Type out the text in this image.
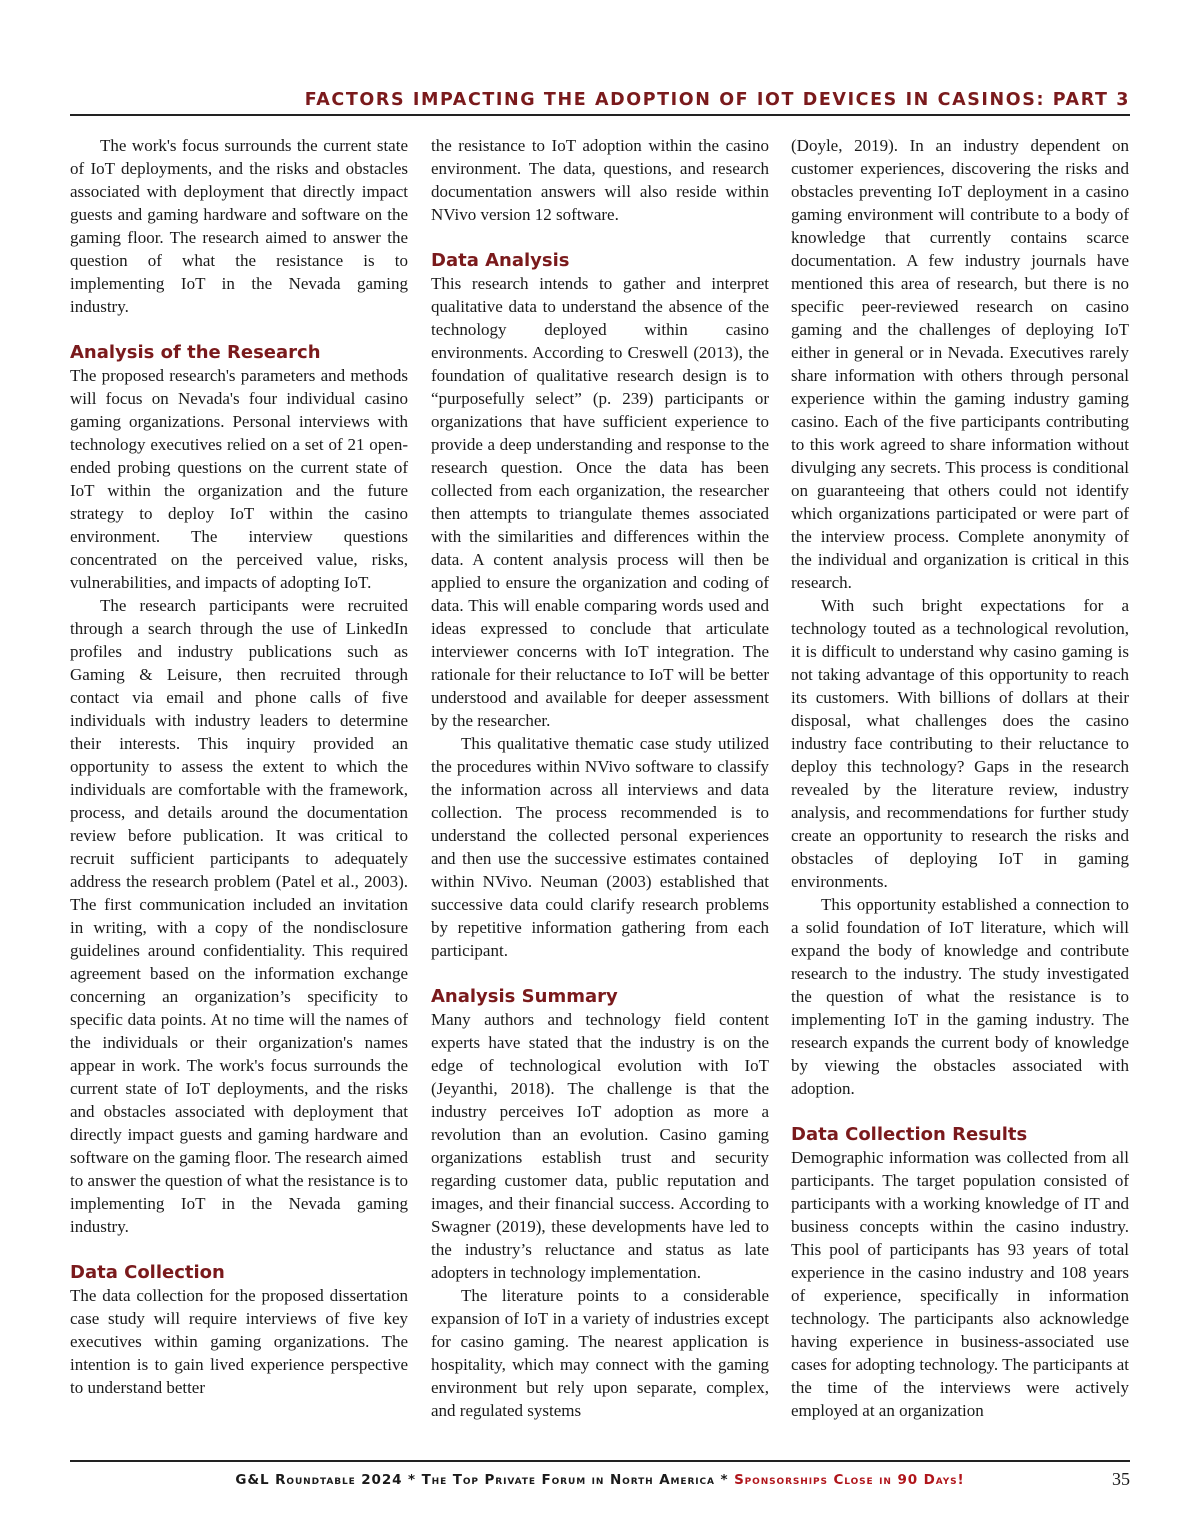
FACTORS IMPACTING THE ADOPTION OF IOT DEVICES IN CASINOS: PART 3

The work's focus surrounds the current state of IoT deployments, and the risks and obstacles associated with deployment that directly impact guests and gaming hardware and software on the gaming floor. The research aimed to answer the question of what the resistance is to implementing IoT in the Nevada gaming industry.

Analysis of the Research

The proposed research's parameters and methods will focus on Nevada's four individual casino gaming organizations. Personal interviews with technology executives relied on a set of 21 open-ended probing questions on the current state of IoT within the organization and the future strategy to deploy IoT within the casino environment. The interview questions concentrated on the perceived value, risks, vulnerabilities, and impacts of adopting IoT.

The research participants were recruited through a search through the use of LinkedIn profiles and industry publications such as Gaming & Leisure, then recruited through contact via email and phone calls of five individuals with industry leaders to determine their interests. This inquiry provided an opportunity to assess the extent to which the individuals are comfortable with the framework, process, and details around the documentation review before publication. It was critical to recruit sufficient participants to adequately address the research problem (Patel et al., 2003). The first communication included an invitation in writing, with a copy of the nondisclosure guidelines around confidentiality. This required agreement based on the information exchange concerning an organization’s specificity to specific data points. At no time will the names of the individuals or their organization's names appear in work. The work's focus surrounds the current state of IoT deployments, and the risks and obstacles associated with deployment that directly impact guests and gaming hardware and software on the gaming floor. The research aimed to answer the question of what the resistance is to implementing IoT in the Nevada gaming industry.

Data Collection

The data collection for the proposed dissertation case study will require interviews of five key executives within gaming organizations. The intention is to gain lived experience perspective to understand better

the resistance to IoT adoption within the casino environment. The data, questions, and research documentation answers will also reside within NVivo version 12 software.

Data Analysis

This research intends to gather and interpret qualitative data to understand the absence of the technology deployed within casino environments. According to Creswell (2013), the foundation of qualitative research design is to “purposefully select” (p. 239) participants or organizations that have sufficient experience to provide a deep understanding and response to the research question. Once the data has been collected from each organization, the researcher then attempts to triangulate themes associated with the similarities and differences within the data. A content analysis process will then be applied to ensure the organization and coding of data. This will enable comparing words used and ideas expressed to conclude that articulate interviewer concerns with IoT integration. The rationale for their reluctance to IoT will be better understood and available for deeper assessment by the researcher.

This qualitative thematic case study utilized the procedures within NVivo software to classify the information across all interviews and data collection. The process recommended is to understand the collected personal experiences and then use the successive estimates contained within NVivo. Neuman (2003) established that successive data could clarify research problems by repetitive information gathering from each participant.

Analysis Summary

Many authors and technology field content experts have stated that the industry is on the edge of technological evolution with IoT (Jeyanthi, 2018). The challenge is that the industry perceives IoT adoption as more a revolution than an evolution. Casino gaming organizations establish trust and security regarding customer data, public reputation and images, and their financial success. According to Swagner (2019), these developments have led to the industry’s reluctance and status as late adopters in technology implementation.

The literature points to a considerable expansion of IoT in a variety of industries except for casino gaming. The nearest application is hospitality, which may connect with the gaming environment but rely upon separate, complex, and regulated systems

(Doyle, 2019). In an industry dependent on customer experiences, discovering the risks and obstacles preventing IoT deployment in a casino gaming environment will contribute to a body of knowledge that currently contains scarce documentation. A few industry journals have mentioned this area of research, but there is no specific peer-reviewed research on casino gaming and the challenges of deploying IoT either in general or in Nevada. Executives rarely share information with others through personal experience within the gaming industry gaming casino. Each of the five participants contributing to this work agreed to share information without divulging any secrets. This process is conditional on guaranteeing that others could not identify which organizations participated or were part of the interview process. Complete anonymity of the individual and organization is critical in this research.

With such bright expectations for a technology touted as a technological revolution, it is difficult to understand why casino gaming is not taking advantage of this opportunity to reach its customers. With billions of dollars at their disposal, what challenges does the casino industry face contributing to their reluctance to deploy this technology? Gaps in the research revealed by the literature review, industry analysis, and recommendations for further study create an opportunity to research the risks and obstacles of deploying IoT in gaming environments.

This opportunity established a connection to a solid foundation of IoT literature, which will expand the body of knowledge and contribute research to the industry. The study investigated the question of what the resistance is to implementing IoT in the gaming industry. The research expands the current body of knowledge by viewing the obstacles associated with adoption.

Data Collection Results

Demographic information was collected from all participants. The target population consisted of participants with a working knowledge of IT and business concepts within the casino industry. This pool of participants has 93 years of total experience in the casino industry and 108 years of experience, specifically in information technology. The participants also acknowledge having experience in business-associated use cases for adopting technology. The participants at the time of the interviews were actively employed at an organization

G&L Roundtable 2024 * The Top Private Forum in North America * Sponsorships Close in 90 Days!	35
